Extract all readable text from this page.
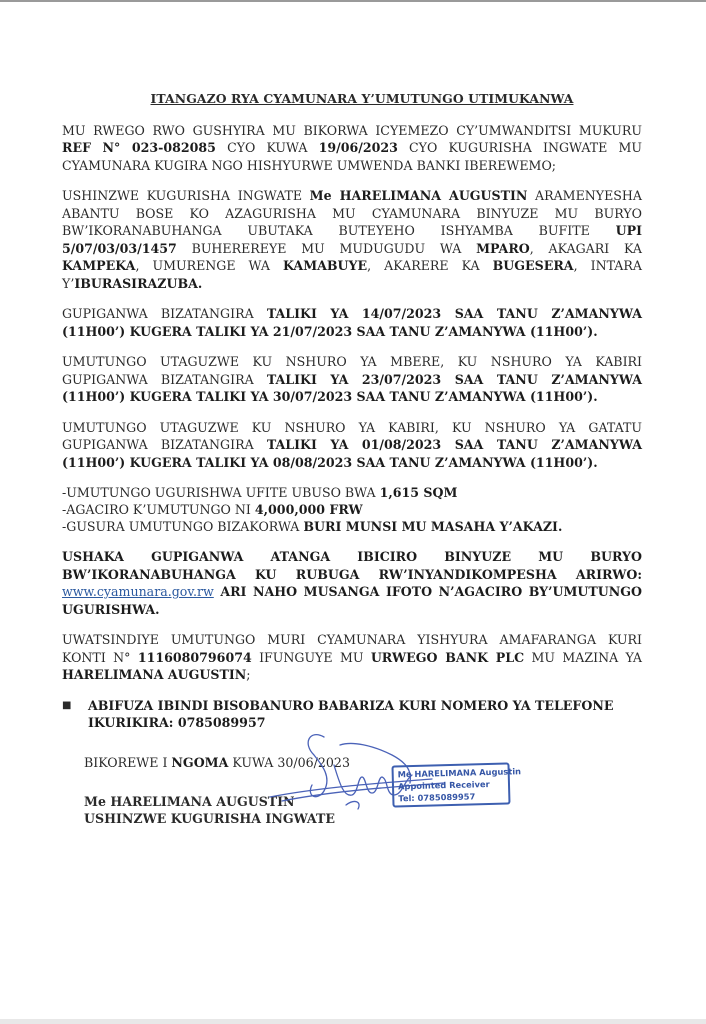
ITANGAZO RYA CYAMUNARA Y’UMUTUNGO UTIMUKANWA

MU RWEGO RWO GUSHYIRA MU BIKORWA ICYEMEZO CY’UMWANDITSI MUKURU REF N° 023-082085 CYO KUWA 19/06/2023 CYO KUGURISHA INGWATE MU CYAMUNARA KUGIRA NGO HISHYURWE UMWENDA BANKI IBEREWEMO;

USHINZWE KUGURISHA INGWATE Me HARELIMANA AUGUSTIN ARAMENYESHA ABANTU BOSE KO AZAGURISHA MU CYAMUNARA BINYUZE MU BURYO BW’IKORANABUHANGA UBUTAKA BUTEYEHO ISHYAMBA BUFITE UPI 5/07/03/03/1457 BUHEREREYE MU MUDUGUDU WA MPARO, AKAGARI KA KAMPEKA, UMURENGE WA KAMABUYE, AKARERE KA BUGESERA, INTARA Y’IBURASIRAZUBA.

GUPIGANWA BIZATANGIRA TALIKI YA 14/07/2023 SAA TANU Z’AMANYWA (11H00’) KUGERA TALIKI YA 21/07/2023 SAA TANU Z’AMANYWA (11H00’).

UMUTUNGO UTAGUZWE KU NSHURO YA MBERE, KU NSHURO YA KABIRI GUPIGANWA BIZATANGIRA TALIKI YA 23/07/2023 SAA TANU Z’AMANYWA (11H00’) KUGERA TALIKI YA 30/07/2023 SAA TANU Z’AMANYWA (11H00’).

UMUTUNGO UTAGUZWE KU NSHURO YA KABIRI, KU NSHURO YA GATATU GUPIGANWA BIZATANGIRA TALIKI YA 01/08/2023 SAA TANU Z’AMANYWA (11H00’) KUGERA TALIKI YA 08/08/2023 SAA TANU Z’AMANYWA (11H00’).

-UMUTUNGO UGURISHWA UFITE UBUSO BWA 1,615 SQM
-AGACIRO K’UMUTUNGO NI 4,000,000 FRW
-GUSURA UMUTUNGO BIZAKORWA BURI MUNSI MU MASAHA Y’AKAZI.

USHAKA GUPIGANWA ATANGA IBICIRO BINYUZE MU BURYO BW’IKORANABUHANGA KU RUBUGA RW’INYANDIKOMPESHA ARIRWO: www.cyamunara.gov.rw ARI NAHO MUSANGA IFOTO N’AGACIRO BY’UMUTUNGO UGURISHWA.

UWATSINDIYE UMUTUNGO MURI CYAMUNARA YISHYURA AMAFARANGA KURI KONTI N° 1116080796074 IFUNGUYE MU URWEGO BANK PLC MU MAZINA YA HARELIMANA AUGUSTIN;

■	ABIFUZA IBINDI BISOBANURO BABARIZA KURI NOMERO YA TELEFONE IKURIKIRA: 0785089957
BIKOREWE I NGOMA KUWA 30/06/2023
Me HARELIMANA AUGUSTIN
USHINZWE KUGURISHA INGWATE
Me HARELIMANA Augustin
Appointed Receiver
Tel: 0785089957
